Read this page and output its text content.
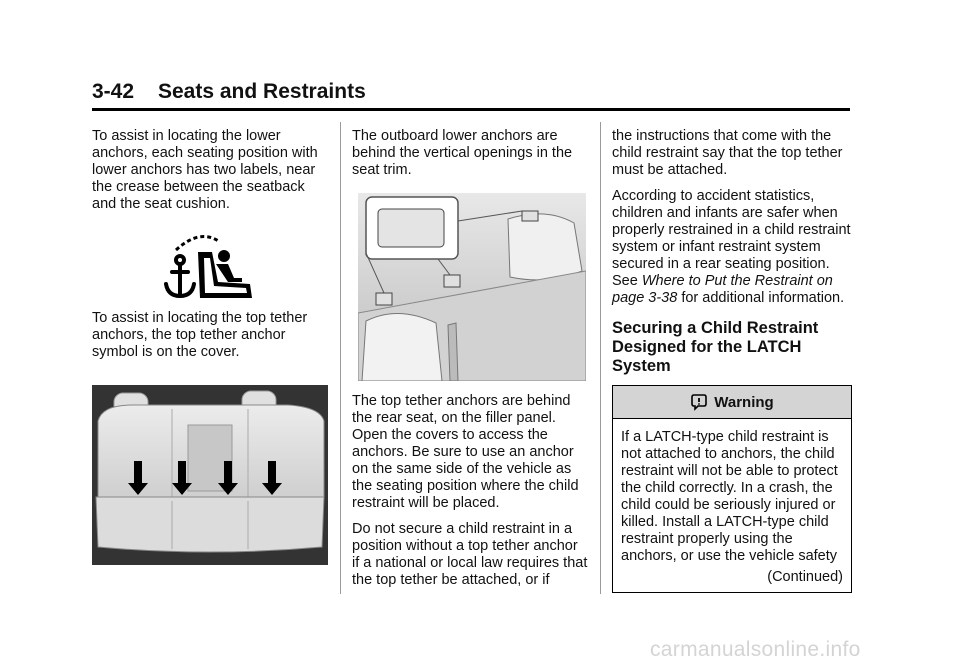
3-42 Seats and Restraints

To assist in locating the lower anchors, each seating position with lower anchors has two labels, near the crease between the seatback and the seat cushion.

To assist in locating the top tether anchors, the top tether anchor symbol is on the cover.

The outboard lower anchors are behind the vertical openings in the seat trim.

The top tether anchors are behind the rear seat, on the filler panel. Open the covers to access the anchors. Be sure to use an anchor on the same side of the vehicle as the seating position where the child restraint will be placed.

Do not secure a child restraint in a position without a top tether anchor if a national or local law requires that the top tether be attached, or if

the instructions that come with the child restraint say that the top tether must be attached.

According to accident statistics, children and infants are safer when properly restrained in a child restraint system or infant restraint system secured in a rear seating position. See Where to Put the Restraint on page 3-38 for additional information.

Securing a Child Restraint Designed for the LATCH System
Warning
If a LATCH-type child restraint is not attached to anchors, the child restraint will not be able to protect the child correctly. In a crash, the child could be seriously injured or killed. Install a LATCH-type child restraint properly using the anchors, or use the vehicle safety
(Continued)
carmanualsonline.info
